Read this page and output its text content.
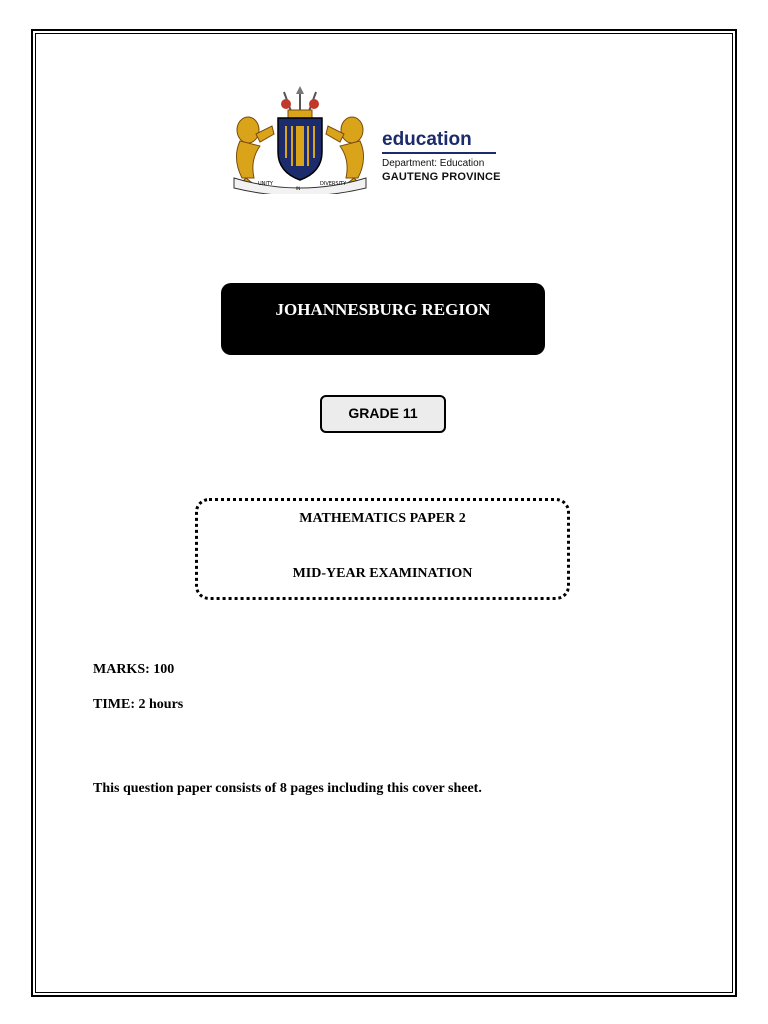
UNITY
IN
DIVERSITY
education
Department: Education
GAUTENG PROVINCE
JOHANNESBURG REGION
GRADE 11
MATHEMATICS PAPER 2
MID-YEAR EXAMINATION
MARKS: 100
TIME: 2 hours
This question paper consists of 8 pages including this cover sheet.
